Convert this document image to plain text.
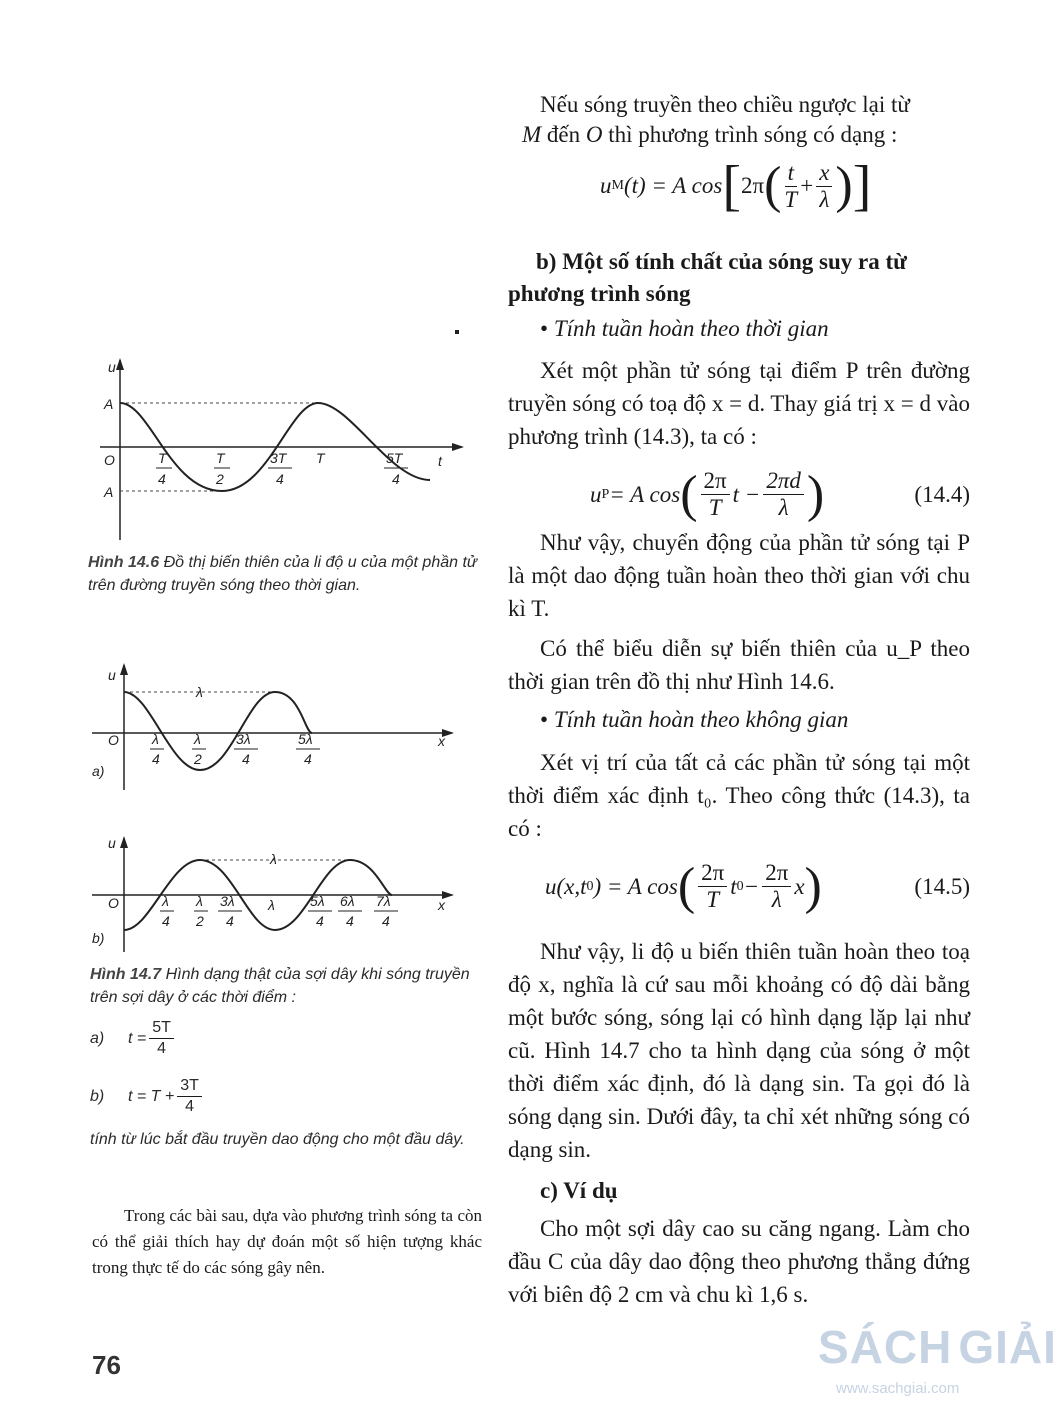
u
t
O
A
A
T
4
T
2
3T
4
T	5T
4
Hình 14.6 Đồ thị biến thiên của li độ u của một phần tử trên đường truyền sóng theo thời gian.
λ
u
x
O
a)
λ
4
λ
2
3λ
4
5λ
4
λ
u
x
O
b)
λ
4
λ
2
3λ
4
λ	5λ
4
6λ
4
7λ
4
Hình 14.7 Hình dạng thật của sợi dây khi sóng truyền trên sợi dây ở các thời điểm :
a)	$t = \frac{5T}{4}$
b)	$t = T + \frac{3T}{4}$
tính từ lúc bắt đầu truyền dao động cho một đầu dây.
Trong các bài sau, dựa vào phương trình sóng ta còn có thể giải thích hay dự đoán một số hiện tượng khác trong thực tế do các sóng gây nên.
76
Nếu sóng truyền theo chiều ngược lại từ
M đến O thì phương trình sóng có dạng :
u M (t) = A cos [ 2π ( $\frac{t}{T} + \frac{x}{\lambda}$ ) ]
b) Một số tính chất của sóng suy ra từ phương trình sóng
• Tính tuần hoàn theo thời gian
Xét một phần tử sóng tại điểm P trên đường truyền sóng có toạ độ x = d. Thay giá trị x = d vào phương trình (14.3), ta có :
u P = A cos ( $\frac{2\pi}{T}$ $t - \frac{2\pi d}{\lambda}$ )	(14.4)
Như vậy, chuyển động của phần tử sóng tại P là một dao động tuần hoàn theo thời gian với chu kì T.
Có thể biểu diễn sự biến thiên của u_P theo thời gian trên đồ thị như Hình 14.6.
• Tính tuần hoàn theo không gian
Xét vị trí của tất cả các phần tử sóng tại một thời điểm xác định t₀. Theo công thức (14.3), ta có :
u(x,t 0 ) = A cos ( $\frac{2\pi}{T}$ t $0 - \frac{2\pi}{\lambda}$ x )	(14.5)
Như vậy, li độ u biến thiên tuần hoàn theo toạ độ x, nghĩa là cứ sau mỗi khoảng có độ dài bằng một bước sóng, sóng lại có hình dạng lặp lại như cũ. Hình 14.7 cho ta hình dạng của sóng ở một thời điểm xác định, đó là dạng sin. Ta gọi đó là sóng dạng sin. Dưới đây, ta chỉ xét những sóng có dạng sin.
c) Ví dụ
Cho một sợi dây cao su căng ngang. Làm cho đầu C của dây dao động theo phương thẳng đứng với biên độ 2 cm và chu kì 1,6 s.
SÁCH GIẢI
www.sachgiai.com
